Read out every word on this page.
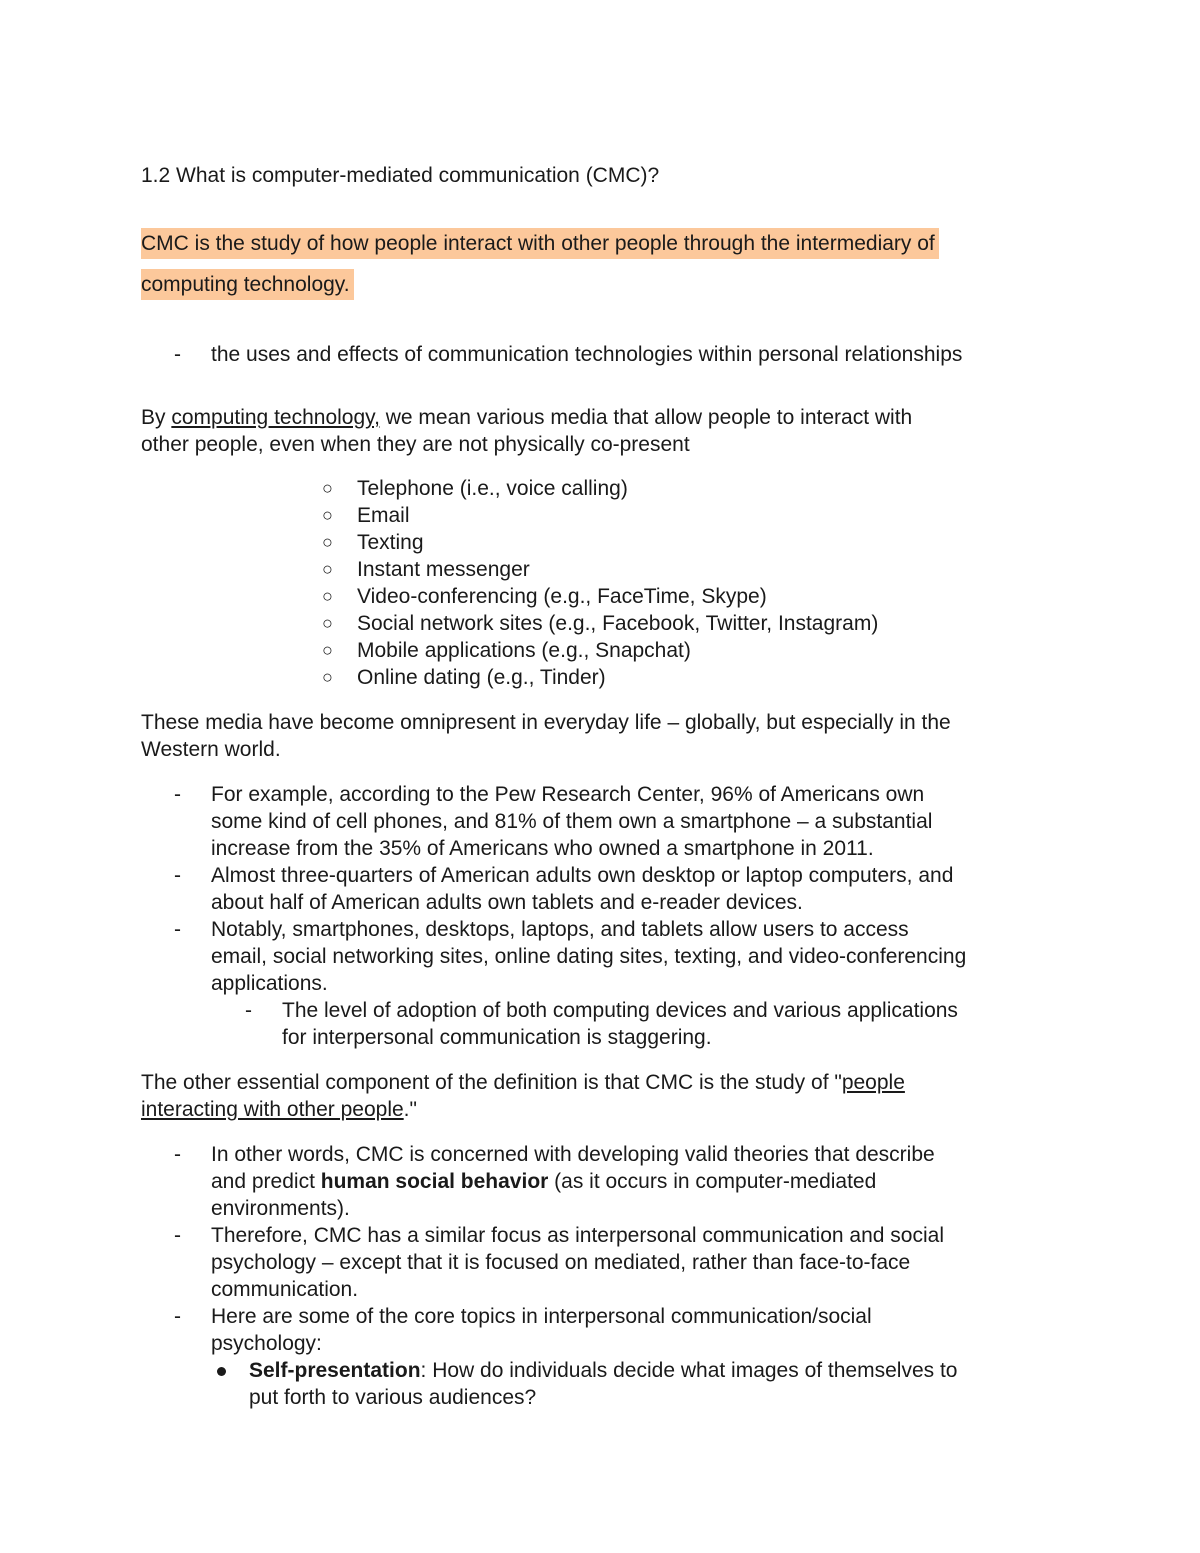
1.2 What is computer-mediated communication (CMC)?

CMC is the study of how people interact with other people through the intermediary of
computing technology.
- the uses and effects of communication technologies within personal relationships

By computing technology, we mean various media that allow people to interact with
other people, even when they are not physically co-present

○ Telephone (i.e., voice calling)
○ Email
○ Texting
○ Instant messenger
○ Video-conferencing (e.g., FaceTime, Skype)
○ Social network sites (e.g., Facebook, Twitter, Instagram)
○ Mobile applications (e.g., Snapchat)
○ Online dating (e.g., Tinder)

These media have become omnipresent in everyday life – globally, but especially in the
Western world.

- For example, according to the Pew Research Center, 96% of Americans own
some kind of cell phones, and 81% of them own a smartphone – a substantial
increase from the 35% of Americans who owned a smartphone in 2011.
- Almost three-quarters of American adults own desktop or laptop computers, and
about half of American adults own tablets and e-reader devices.
- Notably, smartphones, desktops, laptops, and tablets allow users to access
email, social networking sites, online dating sites, texting, and video-conferencing
applications.
- The level of adoption of both computing devices and various applications
for interpersonal communication is staggering.

The other essential component of the definition is that CMC is the study of "people
interacting with other people."

- In other words, CMC is concerned with developing valid theories that describe
and predict human social behavior (as it occurs in computer-mediated
environments).
- Therefore, CMC has a similar focus as interpersonal communication and social
psychology – except that it is focused on mediated, rather than face-to-face
communication.
- Here are some of the core topics in interpersonal communication/social
psychology:
Self-presentation: How do individuals decide what images of themselves to
put forth to various audiences?
